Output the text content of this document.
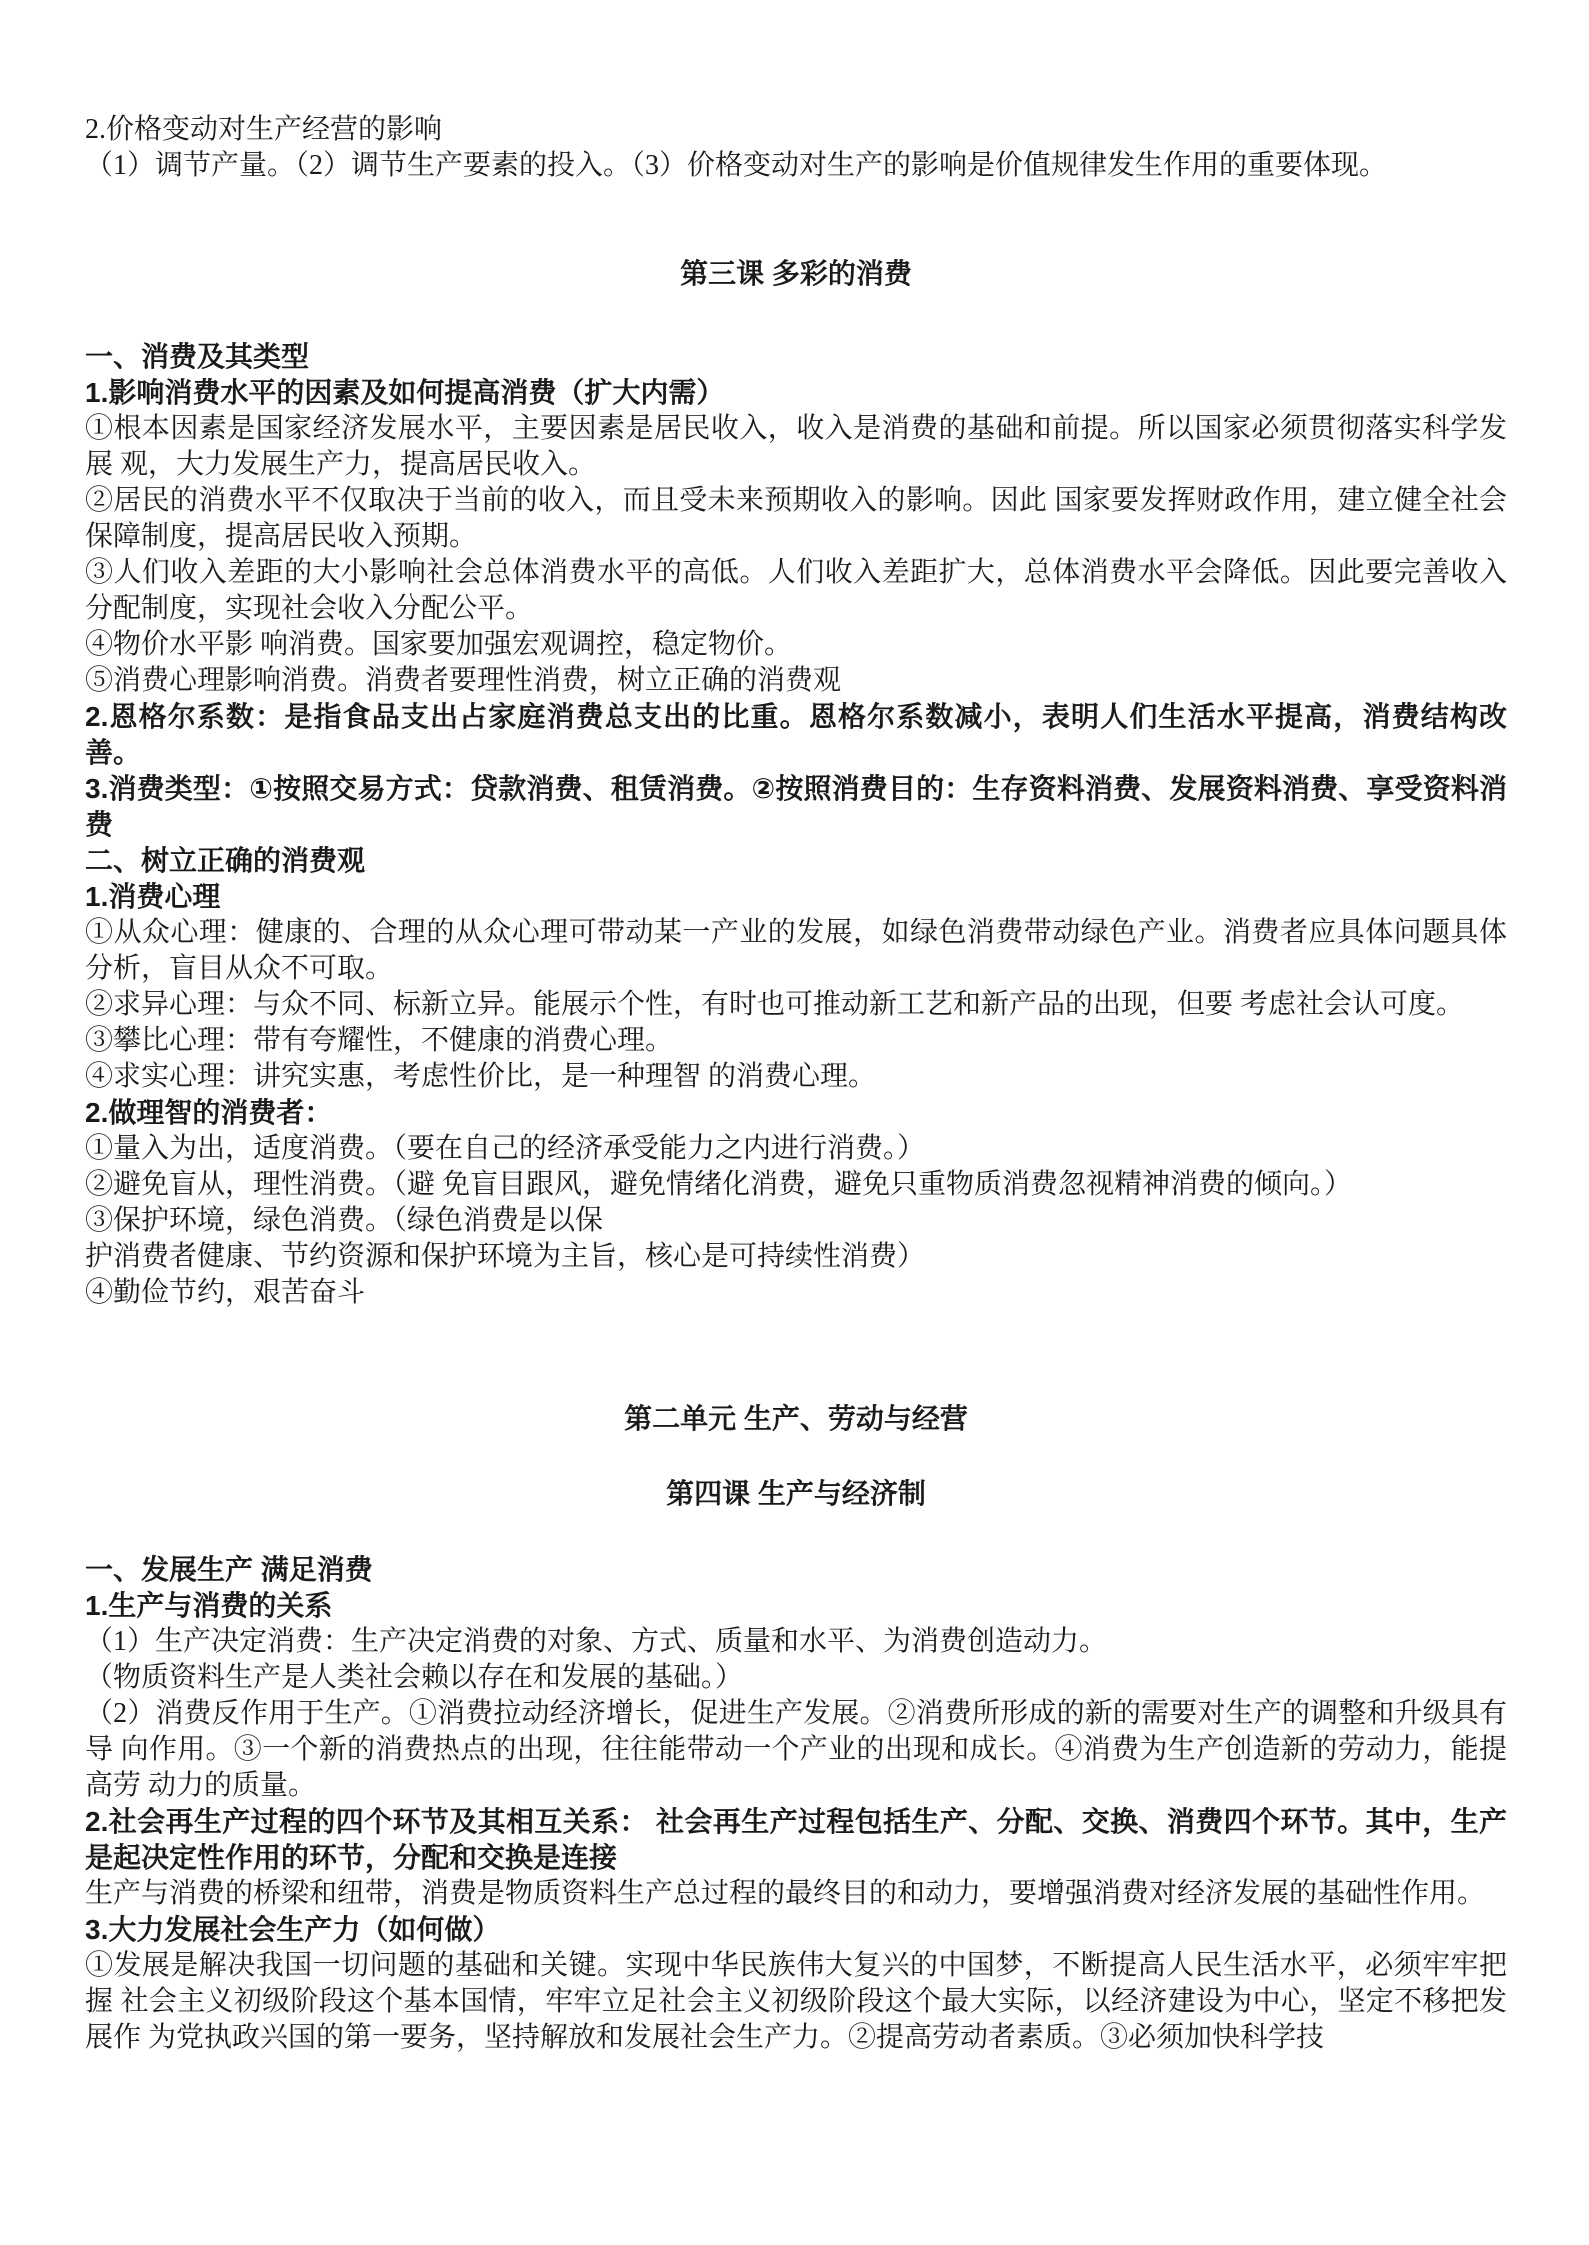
2.价格变动对生产经营的影响
（1）调节产量。（2）调节生产要素的投入。（3）价格变动对生产的影响是价值规律发生作用的重要体现。
第三课 多彩的消费
一、消费及其类型
1.影响消费水平的因素及如何提高消费（扩大内需）
①根本因素是国家经济发展水平，主要因素是居民收入，收入是消费的基础和前提。所以国家必须贯彻落实科学发展 观，大力发展生产力，提高居民收入。
②居民的消费水平不仅取决于当前的收入，而且受未来预期收入的影响。因此 国家要发挥财政作用，建立健全社会保障制度，提高居民收入预期。
③人们收入差距的大小影响社会总体消费水平的高低。人们收入差距扩大，总体消费水平会降低。因此要完善收入分配制度，实现社会收入分配公平。
④物价水平影 响消费。国家要加强宏观调控，稳定物价。
⑤消费心理影响消费。消费者要理性消费，树立正确的消费观
2.恩格尔系数：是指食品支出占家庭消费总支出的比重。恩格尔系数减小，表明人们生活水平提高，消费结构改善。
3.消费类型：①按照交易方式：贷款消费、租赁消费。②按照消费目的：生存资料消费、发展资料消费、享受资料消费
二、树立正确的消费观
1.消费心理
①从众心理：健康的、合理的从众心理可带动某一产业的发展，如绿色消费带动绿色产业。消费者应具体问题具体分析，盲目从众不可取。
②求异心理：与众不同、标新立异。能展示个性，有时也可推动新工艺和新产品的出现，但要 考虑社会认可度。
③攀比心理：带有夸耀性，不健康的消费心理。
④求实心理：讲究实惠，考虑性价比，是一种理智 的消费心理。
2.做理智的消费者：
①量入为出，适度消费。（要在自己的经济承受能力之内进行消费。）
②避免盲从，理性消费。（避 免盲目跟风，避免情绪化消费，避免只重物质消费忽视精神消费的倾向。）
③保护环境，绿色消费。（绿色消费是以保
护消费者健康、节约资源和保护环境为主旨，核心是可持续性消费）
④勤俭节约，艰苦奋斗
第二单元 生产、劳动与经营
第四课 生产与经济制
一、发展生产 满足消费
1.生产与消费的关系
（1）生产决定消费：生产决定消费的对象、方式、质量和水平、为消费创造动力。
（物质资料生产是人类社会赖以存在和发展的基础。）
（2）消费反作用于生产。①消费拉动经济增长，促进生产发展。②消费所形成的新的需要对生产的调整和升级具有导 向作用。③一个新的消费热点的出现，往往能带动一个产业的出现和成长。④消费为生产创造新的劳动力，能提高劳 动力的质量。
2.社会再生产过程的四个环节及其相互关系： 社会再生产过程包括生产、分配、交换、消费四个环节。其中，生产是起决定性作用的环节，分配和交换是连接
生产与消费的桥梁和纽带，消费是物质资料生产总过程的最终目的和动力，要增强消费对经济发展的基础性作用。
3.大力发展社会生产力（如何做）
①发展是解决我国一切问题的基础和关键。实现中华民族伟大复兴的中国梦，不断提高人民生活水平，必须牢牢把握 社会主义初级阶段这个基本国情，牢牢立足社会主义初级阶段这个最大实际，以经济建设为中心，坚定不移把发展作 为党执政兴国的第一要务，坚持解放和发展社会生产力。②提高劳动者素质。③必须加快科学技
